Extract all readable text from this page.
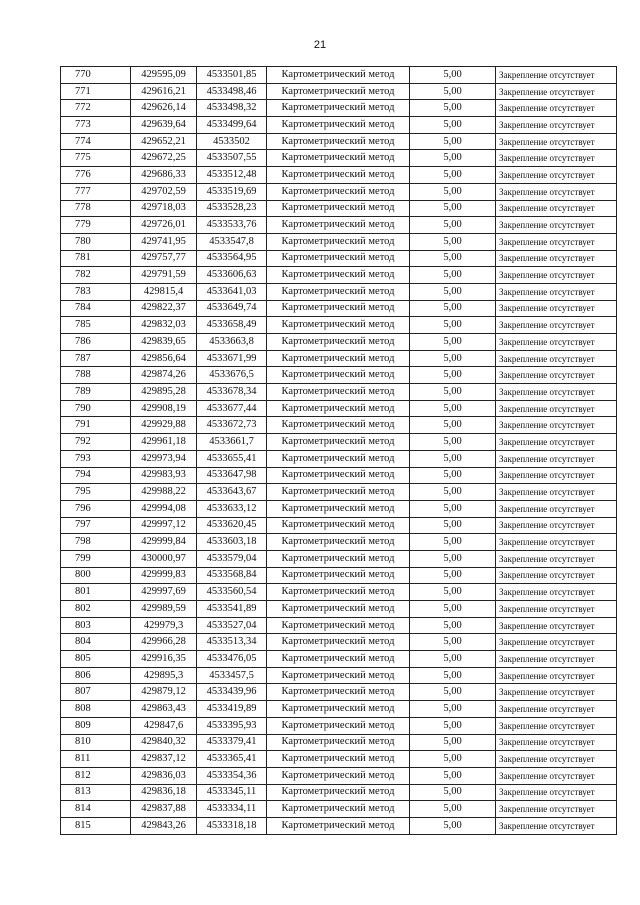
21
770	429595,09	4533501,85	Картометрический метод	5,00	Закрепление отсутствует
771	429616,21	4533498,46	Картометрический метод	5,00	Закрепление отсутствует
772	429626,14	4533498,32	Картометрический метод	5,00	Закрепление отсутствует
773	429639,64	4533499,64	Картометрический метод	5,00	Закрепление отсутствует
774	429652,21	4533502	Картометрический метод	5,00	Закрепление отсутствует
775	429672,25	4533507,55	Картометрический метод	5,00	Закрепление отсутствует
776	429686,33	4533512,48	Картометрический метод	5,00	Закрепление отсутствует
777	429702,59	4533519,69	Картометрический метод	5,00	Закрепление отсутствует
778	429718,03	4533528,23	Картометрический метод	5,00	Закрепление отсутствует
779	429726,01	4533533,76	Картометрический метод	5,00	Закрепление отсутствует
780	429741,95	4533547,8	Картометрический метод	5,00	Закрепление отсутствует
781	429757,77	4533564,95	Картометрический метод	5,00	Закрепление отсутствует
782	429791,59	4533606,63	Картометрический метод	5,00	Закрепление отсутствует
783	429815,4	4533641,03	Картометрический метод	5,00	Закрепление отсутствует
784	429822,37	4533649,74	Картометрический метод	5,00	Закрепление отсутствует
785	429832,03	4533658,49	Картометрический метод	5,00	Закрепление отсутствует
786	429839,65	4533663,8	Картометрический метод	5,00	Закрепление отсутствует
787	429856,64	4533671,99	Картометрический метод	5,00	Закрепление отсутствует
788	429874,26	4533676,5	Картометрический метод	5,00	Закрепление отсутствует
789	429895,28	4533678,34	Картометрический метод	5,00	Закрепление отсутствует
790	429908,19	4533677,44	Картометрический метод	5,00	Закрепление отсутствует
791	429929,88	4533672,73	Картометрический метод	5,00	Закрепление отсутствует
792	429961,18	4533661,7	Картометрический метод	5,00	Закрепление отсутствует
793	429973,94	4533655,41	Картометрический метод	5,00	Закрепление отсутствует
794	429983,93	4533647,98	Картометрический метод	5,00	Закрепление отсутствует
795	429988,22	4533643,67	Картометрический метод	5,00	Закрепление отсутствует
796	429994,08	4533633,12	Картометрический метод	5,00	Закрепление отсутствует
797	429997,12	4533620,45	Картометрический метод	5,00	Закрепление отсутствует
798	429999,84	4533603,18	Картометрический метод	5,00	Закрепление отсутствует
799	430000,97	4533579,04	Картометрический метод	5,00	Закрепление отсутствует
800	429999,83	4533568,84	Картометрический метод	5,00	Закрепление отсутствует
801	429997,69	4533560,54	Картометрический метод	5,00	Закрепление отсутствует
802	429989,59	4533541,89	Картометрический метод	5,00	Закрепление отсутствует
803	429979,3	4533527,04	Картометрический метод	5,00	Закрепление отсутствует
804	429966,28	4533513,34	Картометрический метод	5,00	Закрепление отсутствует
805	429916,35	4533476,05	Картометрический метод	5,00	Закрепление отсутствует
806	429895,3	4533457,5	Картометрический метод	5,00	Закрепление отсутствует
807	429879,12	4533439,96	Картометрический метод	5,00	Закрепление отсутствует
808	429863,43	4533419,89	Картометрический метод	5,00	Закрепление отсутствует
809	429847,6	4533395,93	Картометрический метод	5,00	Закрепление отсутствует
810	429840,32	4533379,41	Картометрический метод	5,00	Закрепление отсутствует
811	429837,12	4533365,41	Картометрический метод	5,00	Закрепление отсутствует
812	429836,03	4533354,36	Картометрический метод	5,00	Закрепление отсутствует
813	429836,18	4533345,11	Картометрический метод	5,00	Закрепление отсутствует
814	429837,88	4533334,11	Картометрический метод	5,00	Закрепление отсутствует
815	429843,26	4533318,18	Картометрический метод	5,00	Закрепление отсутствует
